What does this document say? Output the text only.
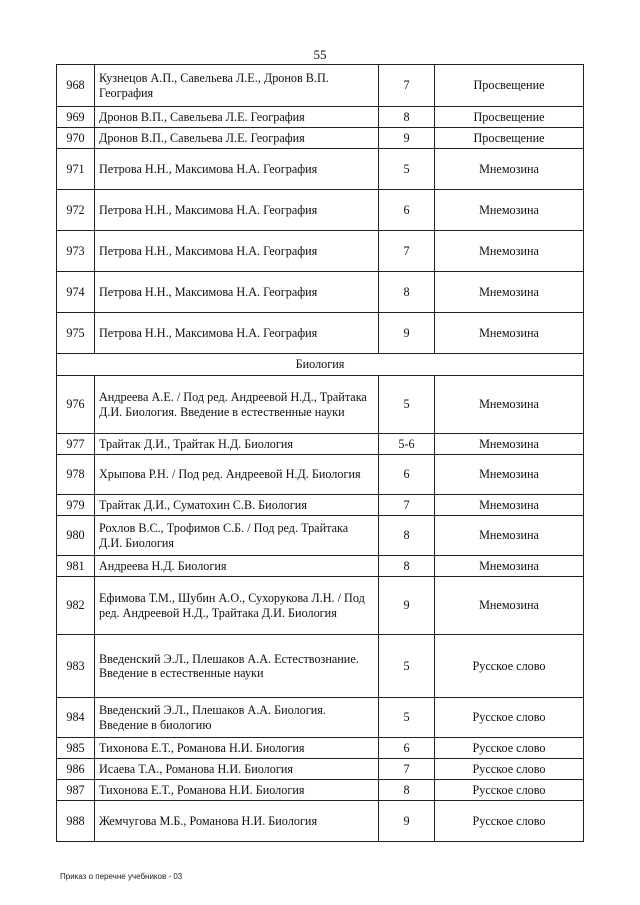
55
968	Кузнецов А.П., Савельева Л.Е., Дронов В.П. География	7	Просвещение
969	Дронов В.П., Савельева Л.Е. География	8	Просвещение
970	Дронов В.П., Савельева Л.Е. География	9	Просвещение
971	Петрова Н.Н., Максимова Н.А. География	5	Мнемозина
972	Петрова Н.Н., Максимова Н.А. География	6	Мнемозина
973	Петрова Н.Н., Максимова Н.А. География	7	Мнемозина
974	Петрова Н.Н., Максимова Н.А. География	8	Мнемозина
975	Петрова Н.Н., Максимова Н.А. География	9	Мнемозина
Биология			
976	Андреева А.Е. / Под ред. Андреевой Н.Д., Трайтака Д.И. Биология. Введение в естественные науки	5	Мнемозина
977	Трайтак Д.И., Трайтак Н.Д. Биология	5-6	Мнемозина
978	Хрыпова Р.Н. / Под ред. Андреевой Н.Д. Биология	6	Мнемозина
979	Трайтак Д.И., Суматохин С.В. Биология	7	Мнемозина
980	Рохлов В.С., Трофимов С.Б. / Под ред. Трайтака Д.И. Биология	8	Мнемозина
981	Андреева Н.Д. Биология	8	Мнемозина
982	Ефимова Т.М., Шубин А.О., Сухорукова Л.Н. / Под ред. Андреевой Н.Д., Трайтака Д.И. Биология	9	Мнемозина
983	Введенский Э.Л., Плешаков А.А. Естествознание. Введение в естественные науки	5	Русское слово
984	Введенский Э.Л., Плешаков А.А. Биология. Введение в биологию	5	Русское слово
985	Тихонова Е.Т., Романова Н.И. Биология	6	Русское слово
986	Исаева Т.А., Романова Н.И. Биология	7	Русское слово
987	Тихонова Е.Т., Романова Н.И. Биология	8	Русское слово
988	Жемчугова М.Б., Романова Н.И. Биология	9	Русское слово
Приказ о перечне учебников - 03
